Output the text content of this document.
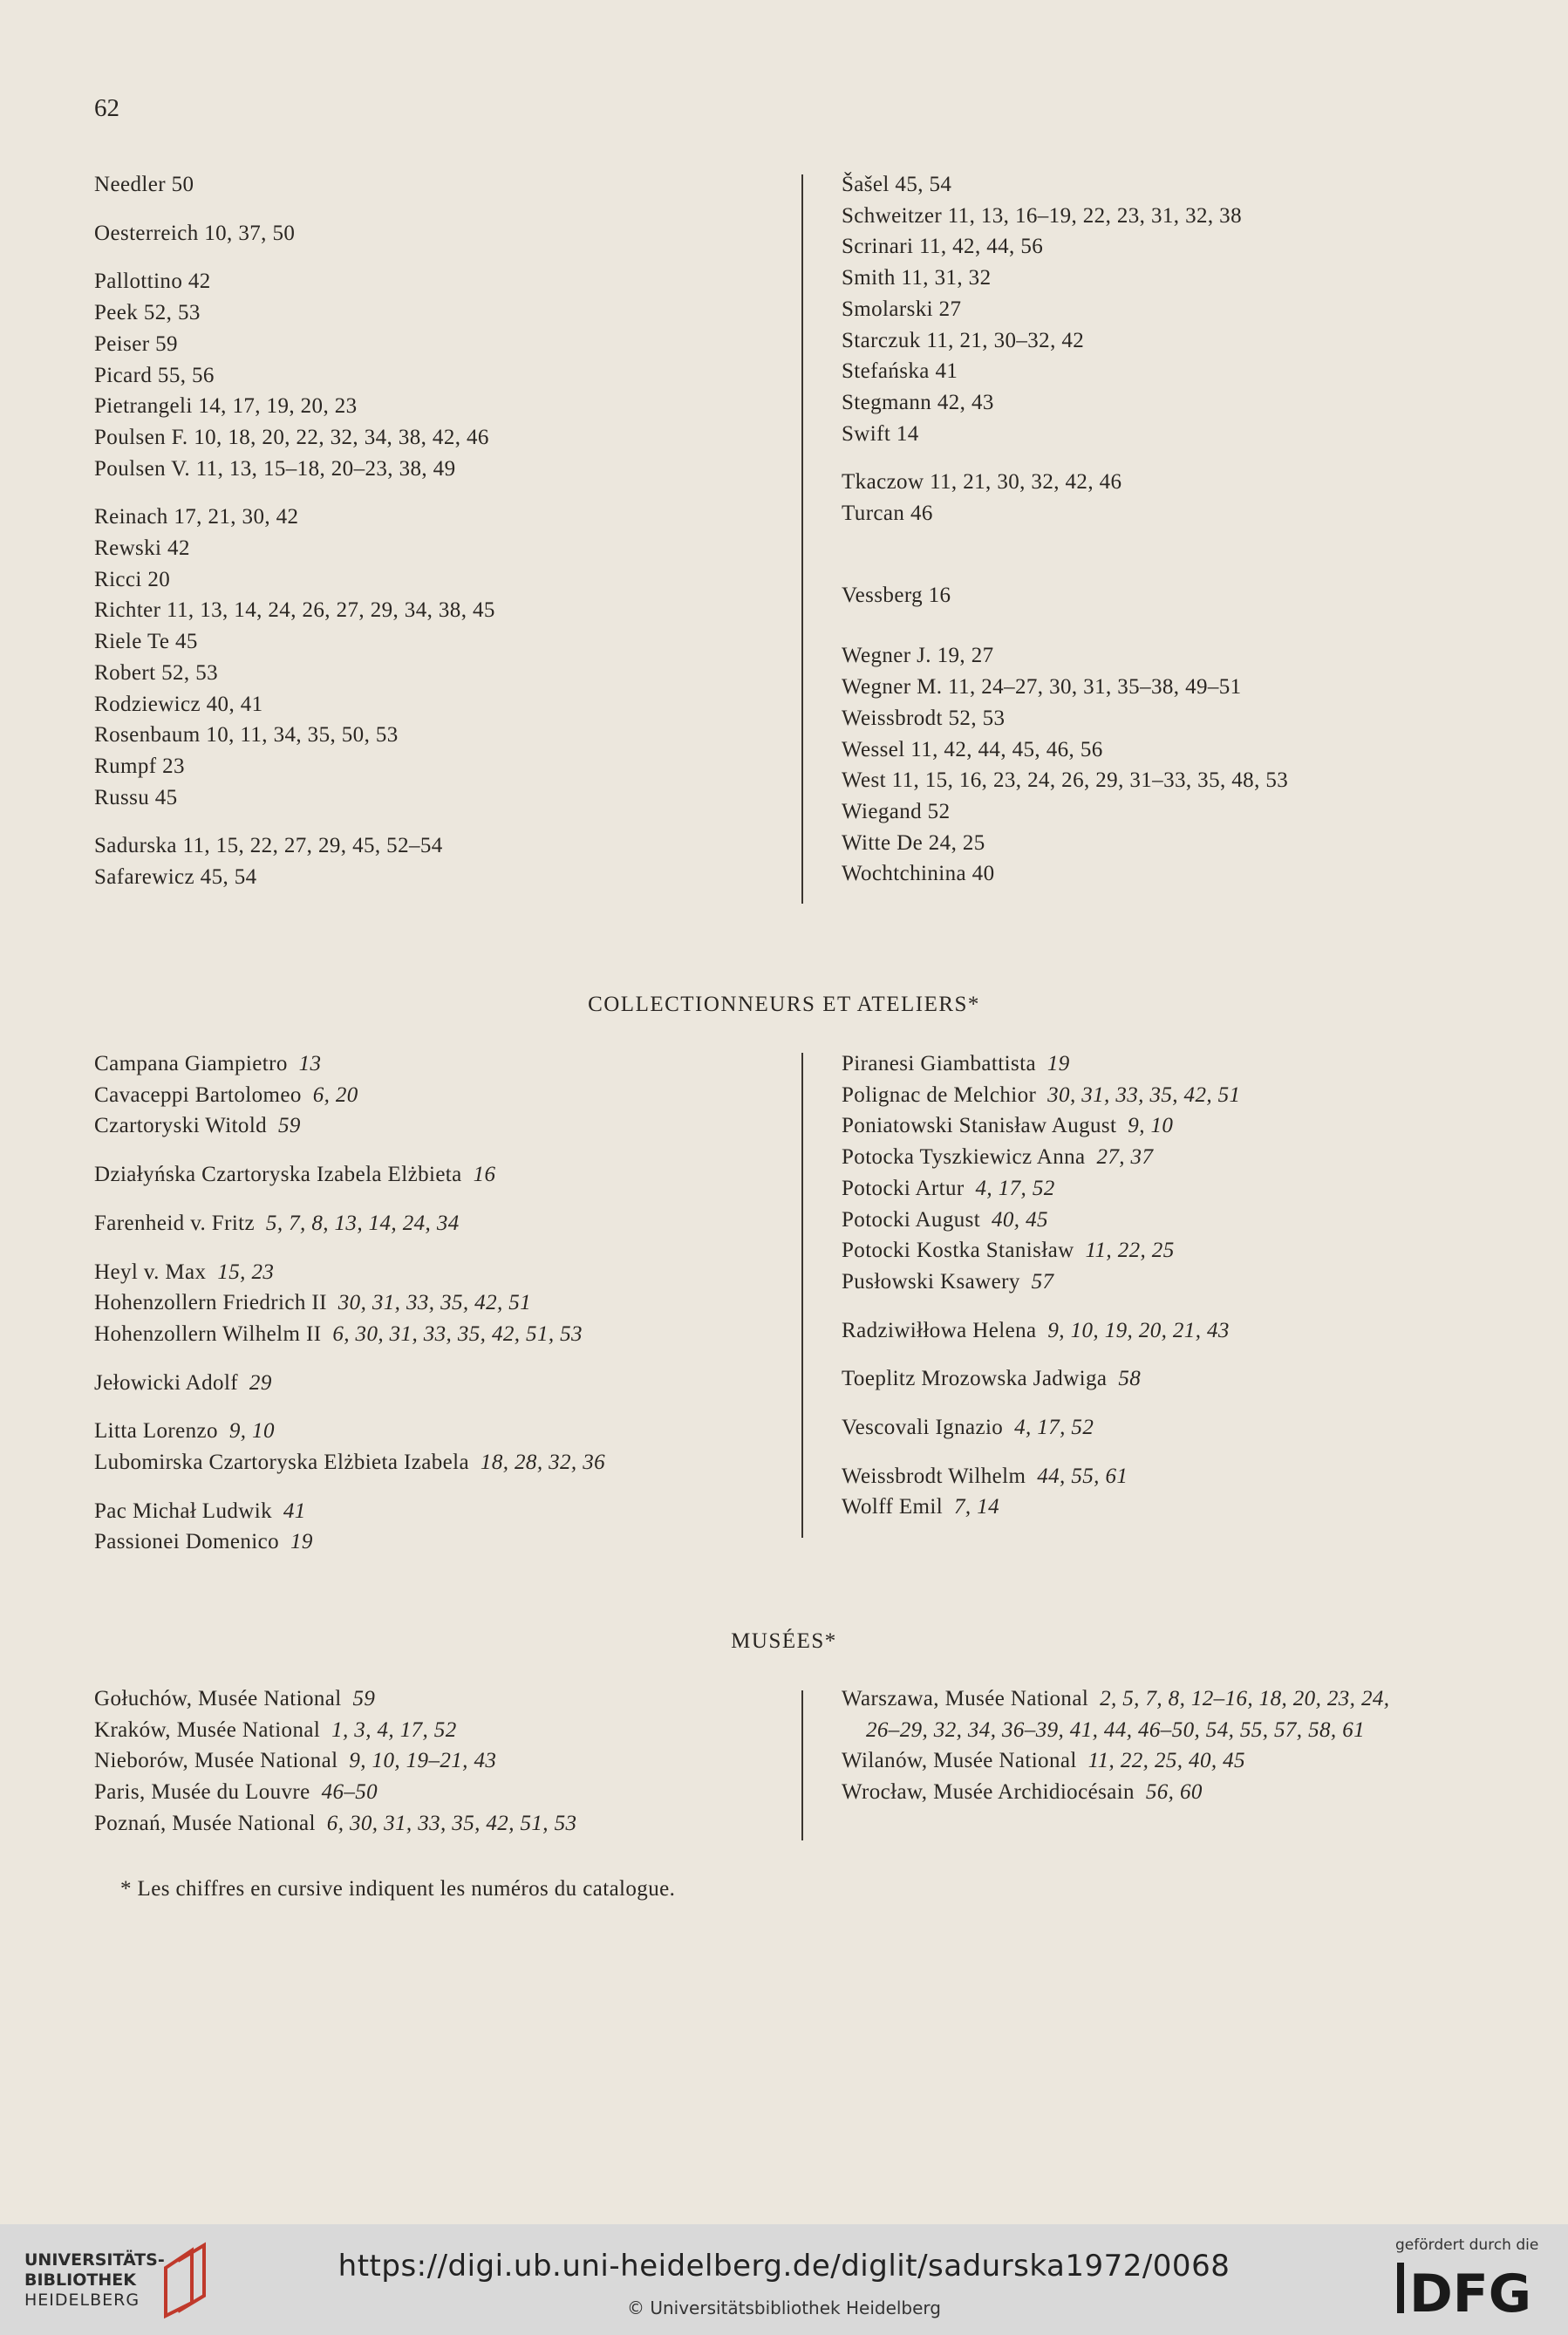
62
Needler 50
Oesterreich 10, 37, 50
Pallottino 42
Peek 52, 53
Peiser 59
Picard 55, 56
Pietrangeli 14, 17, 19, 20, 23
Poulsen F. 10, 18, 20, 22, 32, 34, 38, 42, 46
Poulsen V. 11, 13, 15–18, 20–23, 38, 49
Reinach 17, 21, 30, 42
Rewski 42
Ricci 20
Richter 11, 13, 14, 24, 26, 27, 29, 34, 38, 45
Riele Te 45
Robert 52, 53
Rodziewicz 40, 41
Rosenbaum 10, 11, 34, 35, 50, 53
Rumpf 23
Russu 45
Sadurska 11, 15, 22, 27, 29, 45, 52–54
Safarewicz 45, 54
Šašel 45, 54
Schweitzer 11, 13, 16–19, 22, 23, 31, 32, 38
Scrinari 11, 42, 44, 56
Smith 11, 31, 32
Smolarski 27
Starczuk 11, 21, 30–32, 42
Stefańska 41
Stegmann 42, 43
Swift 14
Tkaczow 11, 21, 30, 32, 42, 46
Turcan 46
Vessberg 16
Wegner J. 19, 27
Wegner M. 11, 24–27, 30, 31, 35–38, 49–51
Weissbrodt 52, 53
Wessel 11, 42, 44, 45, 46, 56
West 11, 15, 16, 23, 24, 26, 29, 31–33, 35, 48, 53
Wiegand 52
Witte De 24, 25
Wochtchinina 40
COLLECTIONNEURS ET ATELIERS*
Campana Giampietro  13
Cavaceppi Bartolomeo  6, 20
Czartoryski Witold  59
Działyńska Czartoryska Izabela Elżbieta  16
Farenheid v. Fritz  5, 7, 8, 13, 14, 24, 34
Heyl v. Max  15, 23
Hohenzollern Friedrich II  30, 31, 33, 35, 42, 51
Hohenzollern Wilhelm II  6, 30, 31, 33, 35, 42, 51, 53
Jełowicki Adolf  29
Litta Lorenzo  9, 10
Lubomirska Czartoryska Elżbieta Izabela  18, 28, 32, 36
Pac Michał Ludwik  41
Passionei Domenico  19
Piranesi Giambattista  19
Polignac de Melchior  30, 31, 33, 35, 42, 51
Poniatowski Stanisław August  9, 10
Potocka Tyszkiewicz Anna  27, 37
Potocki Artur  4, 17, 52
Potocki August  40, 45
Potocki Kostka Stanisław  11, 22, 25
Pusłowski Ksawery  57
Radziwiłłowa Helena  9, 10, 19, 20, 21, 43
Toeplitz Mrozowska Jadwiga  58
Vescovali Ignazio  4, 17, 52
Weissbrodt Wilhelm  44, 55, 61
Wolff Emil  7, 14
MUSÉES*
Gołuchów, Musée National  59
Kraków, Musée National  1, 3, 4, 17, 52
Nieborów, Musée National  9, 10, 19–21, 43
Paris, Musée du Louvre  46–50
Poznań, Musée National  6, 30, 31, 33, 35, 42, 51, 53
Warszawa, Musée National  2, 5, 7, 8, 12–16, 18, 20, 23, 24,
26–29, 32, 34, 36–39, 41, 44, 46–50, 54, 55, 57, 58, 61
Wilanów, Musée National  11, 22, 25, 40, 45
Wrocław, Musée Archidiocésain  56, 60
* Les chiffres en cursive indiquent les numéros du catalogue.
UNIVERSITÄTS-
BIBLIOTHEK
HEIDELBERG
https://digi.ub.uni-heidelberg.de/diglit/sadurska1972/0068
© Universitätsbibliothek Heidelberg
gefördert durch die
DFG
